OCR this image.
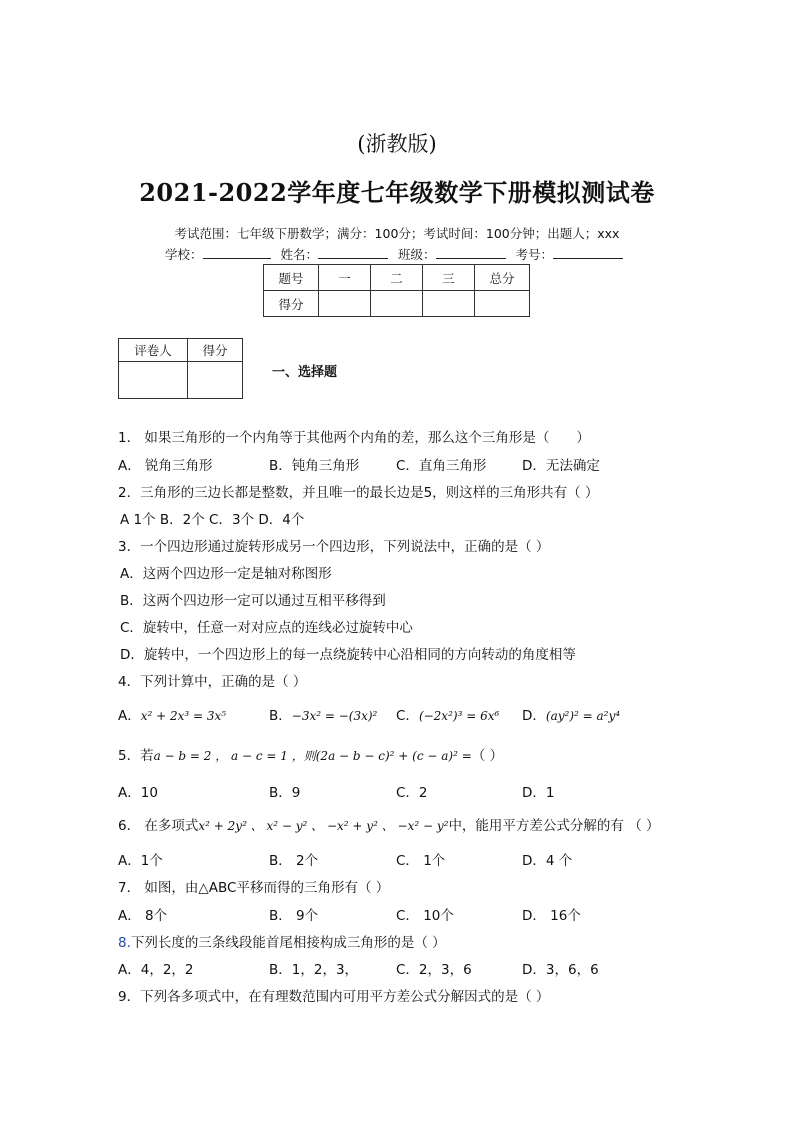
(浙教版)
2021-2022学年度七年级数学下册模拟测试卷
考试范围：七年级下册数学；满分：100分；考试时间：100分钟；出题人；xxx
学校：	姓名：	班级：	考号：
题号	一	二	三	总分
得分				
评卷人	得分

一、选择题
1． 如果三角形的一个内角等于其他两个内角的差，那么这个三角形是（　　）
A． 锐角三角形	B．钝角三角形	C．直角三角形	D．无法确定
2．三角形的三边长都是整数，并且唯一的最长边是5，则这样的三角形共有（ ）
A 1个 B．2个 C．3个 D．4个
3．一个四边形通过旋转形成另一个四边形，下列说法中，正确的是（ ）
A．这两个四边形一定是轴对称图形
B．这两个四边形一定可以通过互相平移得到
C．旋转中，任意一对对应点的连线必过旋转中心
D．旋转中，一个四边形上的每一点绕旋转中心沿相同的方向转动的角度相等
4．下列计算中，正确的是（ ）
A．x² + 2x³ = 3x⁵	B．−3x² = −(3x)² C．(−2x²)³ = 6x⁶ D．(ay²)² = a²y⁴
5．若a − b = 2 ， a − c = 1 ，则(2a − b − c)² + (c − a)² =（ ）
A．10	B．9	C．2	D．1
6． 在多项式x² + 2y² 、 x² − y² 、 −x² + y² 、 −x² − y²中，能用平方差公式分解的有 （ ）
A．1个	B． 2个	C． 1个	D．4 个
7． 如图，由△ABC平移而得的三角形有（ ）
A． 8个	B． 9个	C． 10个	D． 16个
8.下列长度的三条线段能首尾相接构成三角形的是（ ）
A．4，2，2	B．1，2，3，	C．2，3，6	D．3，6，6
9．下列各多项式中，在有理数范围内可用平方差公式分解因式的是（ ）
